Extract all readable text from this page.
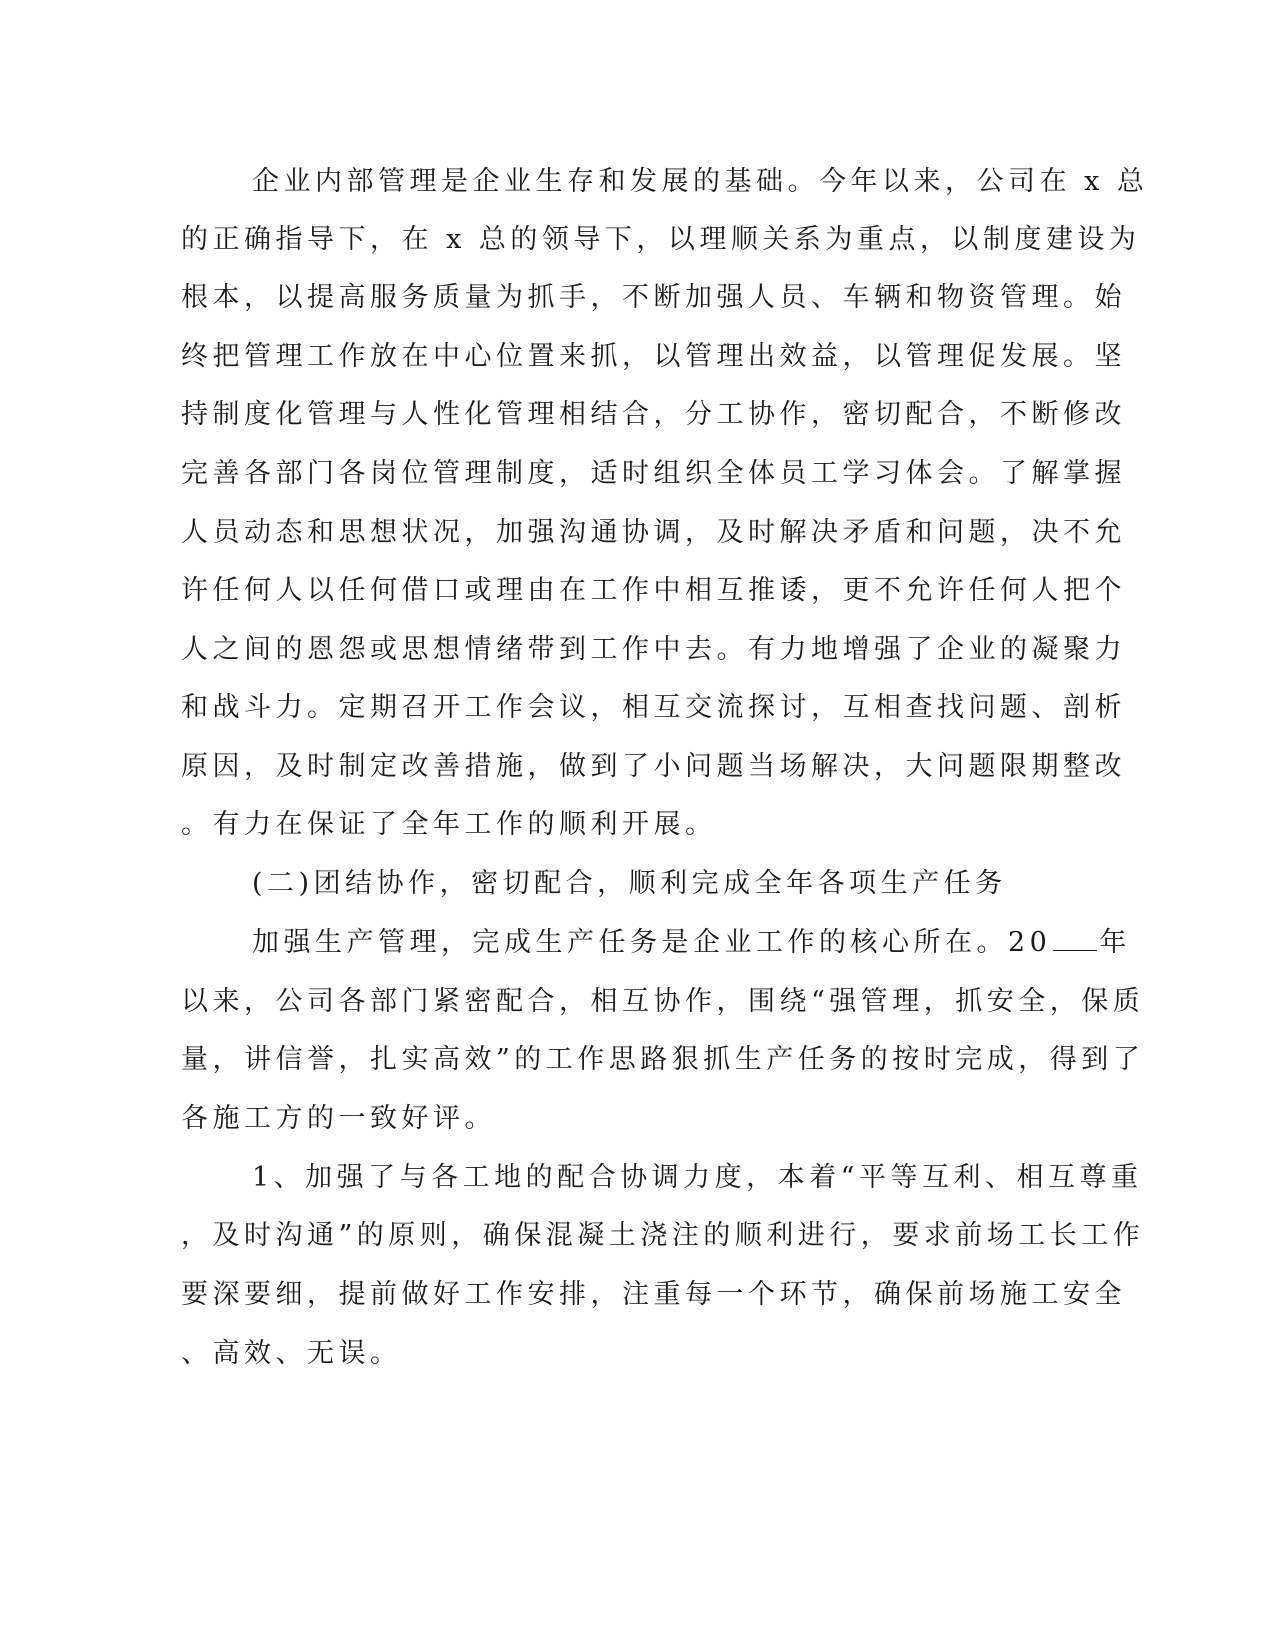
企业内部管理是企业生存和发展的基础。今年以来，公司在 x 总
的正确指导下，在 x 总的领导下，以理顺关系为重点，以制度建设为
根本，以提高服务质量为抓手，不断加强人员、车辆和物资管理。始
终把管理工作放在中心位置来抓，以管理出效益，以管理促发展。坚
持制度化管理与人性化管理相结合，分工协作，密切配合，不断修改
完善各部门各岗位管理制度，适时组织全体员工学习体会。了解掌握
人员动态和思想状况，加强沟通协调，及时解决矛盾和问题，决不允
许任何人以任何借口或理由在工作中相互推诿，更不允许任何人把个
人之间的恩怨或思想情绪带到工作中去。有力地增强了企业的凝聚力
和战斗力。定期召开工作会议，相互交流探讨，互相查找问题、剖析
原因，及时制定改善措施，做到了小问题当场解决，大问题限期整改
。有力在保证了全年工作的顺利开展。
(二)团结协作，密切配合，顺利完成全年各项生产任务
加强生产管理，完成生产任务是企业工作的核心所在。20 年
以来，公司各部门紧密配合，相互协作，围绕“强管理，抓安全，保质
量，讲信誉，扎实高效”的工作思路狠抓生产任务的按时完成，得到了
各施工方的一致好评。
1、加强了与各工地的配合协调力度，本着“平等互利、相互尊重
，及时沟通”的原则，确保混凝土浇注的顺利进行，要求前场工长工作
要深要细，提前做好工作安排，注重每一个环节，确保前场施工安全
、高效、无误。
